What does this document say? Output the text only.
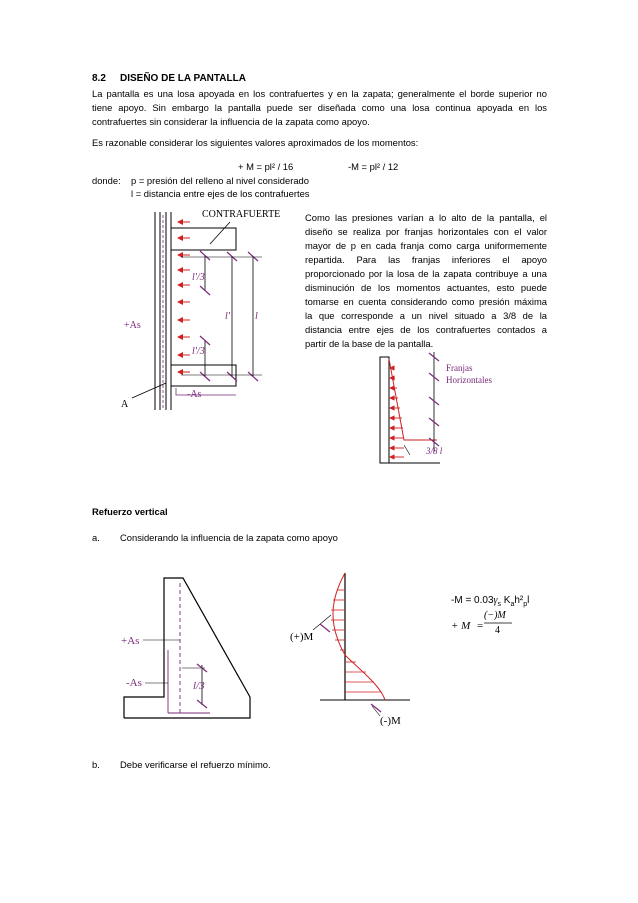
8.2 DISEÑO DE LA PANTALLA
La pantalla es una losa apoyada en los contrafuertes y en la zapata; generalmente el borde superior no
tiene apoyo. Sin embargo la pantalla puede ser diseñada como una losa continua apoyada en los
contrafuertes sin considerar la influencia de la zapata como apoyo.
Es razonable considerar los siguientes valores aproximados de los momentos:
+ M = pl² / 16	-M = pl² / 12
donde: p = presión del relleno al nivel considerado
l = distancia entre ejes de los contrafuertes
CONTRAFUERTE
l'/3
l'	l
+As
l'/3
-As
A
Como las presiones varían a lo alto de la pantalla, el
diseño se realiza por franjas horizontales con el valor
mayor de p en cada franja como carga uniformemente
repartida. Para las franjas inferiores el apoyo
proporcionado por la losa de la zapata contribuye a una
disminución de los momentos actuantes, esto puede
tomarse en cuenta considerando como presión máxima
la que corresponde a un nivel situado a 3/8 de la
distancia entre ejes de los contrafuertes contados a
partir de la base de la pantalla.
Franjas
Horizontales
3/8 l
Refuerzo vertical
a. Considerando la influencia de la zapata como apoyo
+As
-As	l/3
(+)M
(-)M
$-M = 0.03\gamma_s$ $K_ah^2_pl$
+ M =
(−)M
4
b. Debe verificarse el refuerzo mínimo.
